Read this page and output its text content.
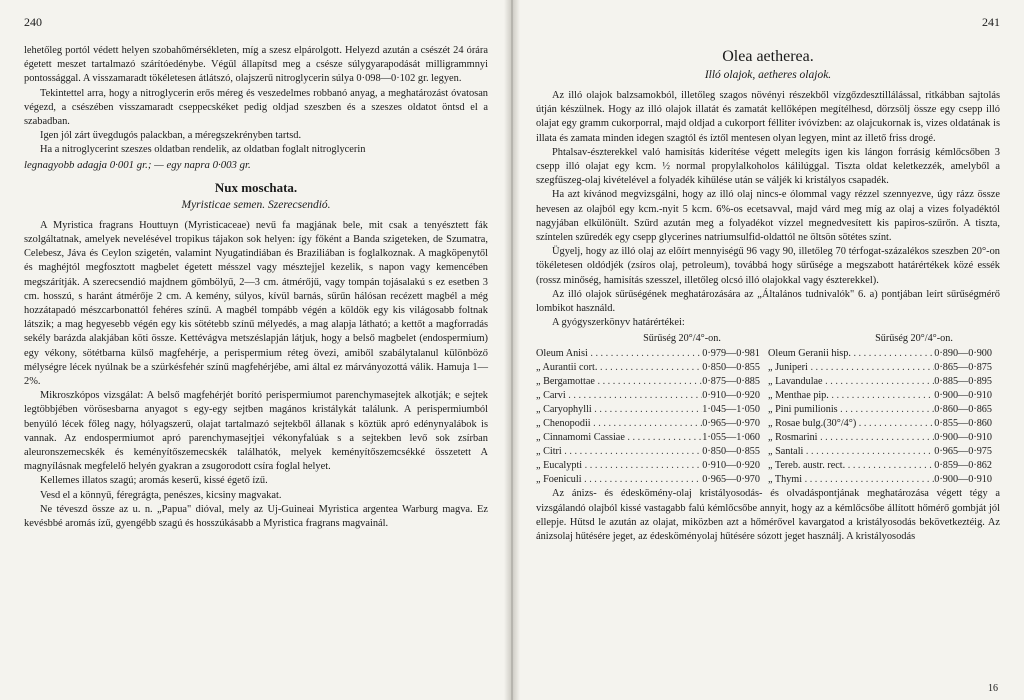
240

lehetőleg portól védett helyen szobahőmérsékleten, míg a szesz elpárolgott. Helyezd azután a csészét 24 órára égetett meszet tartalmazó szárítóedénybe. Végül állapítsd meg a csésze súlygyarapodását milligrammnyi pontossággal. A visszamaradt tökéletesen átlátszó, olajszerű nitroglycerin súlya 0·098—0·102 gr. legyen.

Tekintettel arra, hogy a nitroglycerin erős méreg és veszedelmes robbanó anyag, a meghatározást óvatosan végezd, a csészében visszamaradt cseppecskéket pedig oldjad szeszben és a szeszes oldatot öntsd el a szabadban.

Igen jól zárt üvegdugós palackban, a méregszekrényben tartsd.

Ha a nitroglycerint szeszes oldatban rendelik, az oldatban foglalt nitroglycerin

legnagyobb adagja 0·001 gr.; — egy napra 0·003 gr.

Nux moschata.
Myristicae semen. Szerecsendió.

A Myristica fragrans Houttuyn (Myristicaceae) nevű fa magjának bele, mit csak a tenyésztett fák szolgáltatnak, amelyek nevelésével tropikus tájakon sok helyen: így főként a Banda szigeteken, de Szumatra, Celebesz, Jáva és Ceylon szigetén, valamint Nyugatindiában és Braziliában is foglalkoznak. A magköpenytől és maghéjtól megfosztott magbelet égetett mésszel vagy mésztejjel kezelik, s napon vagy kemencében megszárítják. A szerecsendió majdnem gömbölyű, 2—3 cm. átmérőjű, vagy tompán tojásalakú s ez esetben 3 cm. hosszú, s haránt átmérője 2 cm. A kemény, súlyos, kívül barnás, sűrűn hálósan recézett magbél a még hozzátapadó mészcarbonattól fehéres színű. A magbél tompább végén a köldök egy kis világosabb foltnak látszik; a mag hegyesebb végén egy kis sötétebb színű mélyedés, a mag alapja látható; a kettőt a magforradás sekély barázda alakjában köti össze. Kettévágva metszéslapján látjuk, hogy a belső magbelet (endospermium) egy vékony, sötétbarna külső magfehérje, a perispermium réteg övezi, amiből szabálytalanul különböző mélységre lécek nyúlnak be a szürkésfehér színű magfehérjébe, ami által ez márványozottá válik. Hamuja 1—2%.

Mikroszkópos vizsgálat: A belső magfehérjét borító perispermiumot parenchymasejtek alkotják; e sejtek legtöbbjében vörösesbarna anyagot s egy-egy sejtben magános kristálykát találunk. A perispermiumból benyúló lécek főleg nagy, hólyagszerű, olajat tartalmazó sejtekből állanak s köztük apró edénynyalábok is vannak. Az endospermiumot apró parenchymasejtjei vékonyfalúak s a sejtekben levő sok zsírban aleuronszemecskék és keményítőszemecskék találhatók, melyek keményítőszemcsékké összetett A magnyílásnak megfelelő helyén gyakran a zsugorodott csíra foglal helyet.

Kellemes illatos szagú; aromás keserű, kissé égető ízű.

Vesd el a könnyű, féregrágta, penészes, kicsiny magvakat.

Ne téveszd össze az u. n. „Papua" dióval, mely az Uj-Guineai Myristica argentea Warburg magva. Ez kevésbbé aromás ízű, gyengébb szagú és hosszúkásabb a Myristica fragrans magvainál.

241
Olea aetherea.
Illó olajok, aetheres olajok.

Az illó olajok balzsamokból, illetőleg szagos növényi részekből vízgőzdesztillálással, ritkábban sajtolás útján készülnek. Hogy az illó olajok illatát és zamatát kellőképen megítélhesd, dörzsölj össze egy csepp illó olajat egy gramm cukorporral, majd oldjad a cukorport félliter ivóvízben: az olajcukornak is, vizes oldatának is illata és zamata minden idegen szagtól és íztől mentesen olyan legyen, mint az illető friss drogé.

Phtalsav-észterekkel való hamisítás kiderítése végett melegíts igen kis lángon forrásig kémlőcsőben 3 csepp illó olajat egy kcm. ½ normal propylalkoholos kálilúggal. Tiszta oldat keletkezzék, amelyből a szegfűszeg-olaj kivételével a folyadék kihűlése után se váljék ki kristályos csapadék.

Ha azt kívánod megvizsgálni, hogy az illó olaj nincs-e ólommal vagy rézzel szennyezve, úgy rázz össze hevesen az olajból egy kcm.-nyit 5 kcm. 6%-os ecetsavval, majd várd meg míg az olaj a vizes folyadéktól nagyjában elkülönült. Szűrd azután meg a folyadékot vízzel megnedvesített kis papiros-szűrőn. A tiszta, színtelen szűredék egy csepp glycerines natriumsulfid-oldattól ne öltsön sötétes színt.

Ügyelj, hogy az illó olaj az előírt mennyiségű 96 vagy 90, illetőleg 70 térfogat-százalékos szeszben 20°-on tökéletesen oldódjék (zsíros olaj, petroleum), továbbá hogy sűrűsége a megszabott határértékek közé essék (rossz minőség, hamisítás szesszel, illetőleg olcsó illó olajokkal vagy észterekkel).

Az illó olajok sűrűségének meghatározására az „Általános tudnivalók" 6. a) pontjában leírt sűrűségmérő lombikot használd.

A gyógyszerkönyv határértékei:

Sűrűség 20°/4°-on.	Sűrűség 20°/4°-on.
Oleum Anisi . . .	0·979—0·981 Oleum Geranii hisp. . . .	0·890—0·900
„ Aurantii cort. . . .	0·850—0·855 „ Juniperi . . .	0·865—0·875
„ Bergamottae . . .	0·875—0·885 „ Lavandulae . . .	0·885—0·895
„ Carvi . . .	0·910—0·920 „ Menthae pip. . . .	0·900—0·910
„ Caryophylli . . .	1·045—1·050 „ Pini pumilionis . . .	0·860—0·865
„ Chenopodii . . .	0·965—0·970 „ Rosae bulg.(30°/4°) . . .	0·855—0·860
„ Cinnamomi Cassiae . . .	1·055—1·060 „ Rosmarini . . .	0·900—0·910
„ Citri . . .	0·850—0·855 „ Santali . . .	0·965—0·975
„ Eucalypti . . .	0·910—0·920 „ Tereb. austr. rect. . . .	0·859—0·862
„ Foeniculi . . .	0·965—0·970 „ Thymi . . .	0·900—0·910

Az ánizs- és édeskömény-olaj kristályosodás- és olvadáspontjának meghatározása végett tégy a vizsgálandó olajból kissé vastagabb falú kémlőcsőbe annyit, hogy az a kémlőcsőbe állított hőmérő gombját jól ellepje. Hűtsd le azután az olajat, miközben azt a hőmérővel kavargatod a kristályosodás bekövetkeztéig. Az ánizsolaj hűtésére jeget, az édesköményolaj hűtésére sózott jeget használj. A kristályosodás

16
